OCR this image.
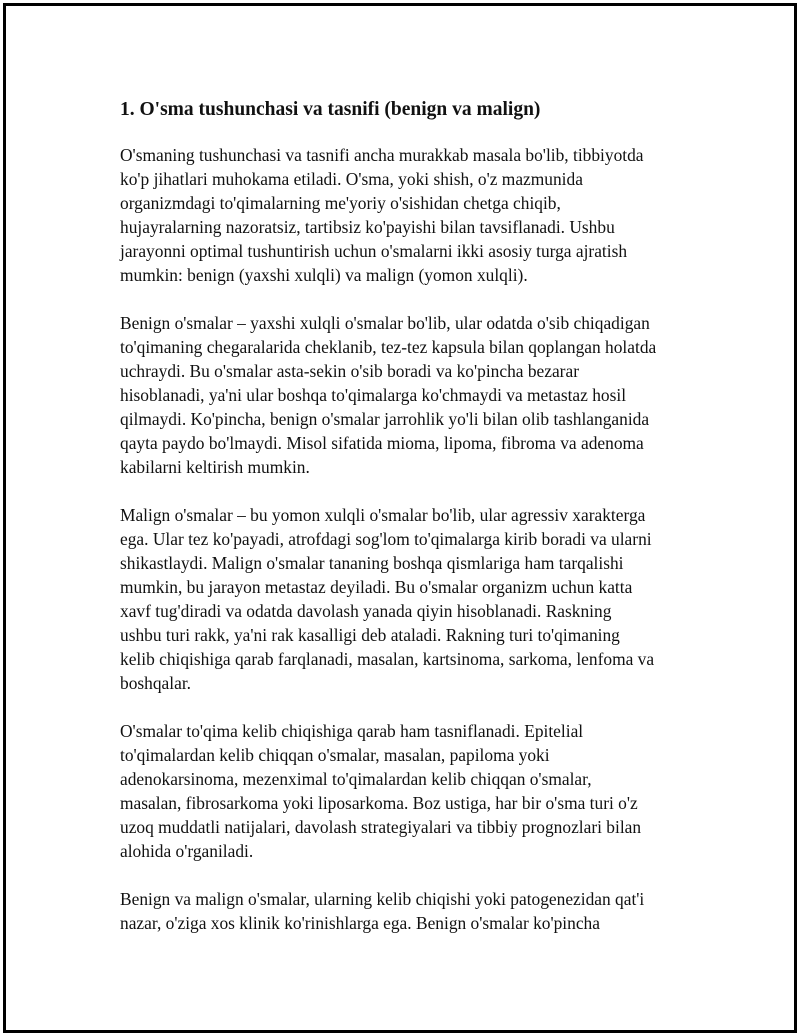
1. O'sma tushunchasi va tasnifi (benign va malign)

O'smaning tushunchasi va tasnifi ancha murakkab masala bo'lib, tibbiyotda
ko'p jihatlari muhokama etiladi. O'sma, yoki shish, o'z mazmunida
organizmdagi to'qimalarning me'yoriy o'sishidan chetga chiqib,
hujayralarning nazoratsiz, tartibsiz ko'payishi bilan tavsiflanadi. Ushbu
jarayonni optimal tushuntirish uchun o'smalarni ikki asosiy turga ajratish
mumkin: benign (yaxshi xulqli) va malign (yomon xulqli).

Benign o'smalar – yaxshi xulqli o'smalar bo'lib, ular odatda o'sib chiqadigan
to'qimaning chegaralarida cheklanib, tez-tez kapsula bilan qoplangan holatda
uchraydi. Bu o'smalar asta-sekin o'sib boradi va ko'pincha bezarar
hisoblanadi, ya'ni ular boshqa to'qimalarga ko'chmaydi va metastaz hosil
qilmaydi. Ko'pincha, benign o'smalar jarrohlik yo'li bilan olib tashlanganida
qayta paydo bo'lmaydi. Misol sifatida mioma, lipoma, fibroma va adenoma
kabilarni keltirish mumkin.

Malign o'smalar – bu yomon xulqli o'smalar bo'lib, ular agressiv xarakterga
ega. Ular tez ko'payadi, atrofdagi sog'lom to'qimalarga kirib boradi va ularni
shikastlaydi. Malign o'smalar tananing boshqa qismlariga ham tarqalishi
mumkin, bu jarayon metastaz deyiladi. Bu o'smalar organizm uchun katta
xavf tug'diradi va odatda davolash yanada qiyin hisoblanadi. Raskning
ushbu turi rakk, ya'ni rak kasalligi deb ataladi. Rakning turi to'qimaning
kelib chiqishiga qarab farqlanadi, masalan, kartsinoma, sarkoma, lenfoma va
boshqalar.

O'smalar to'qima kelib chiqishiga qarab ham tasniflanadi. Epitelial
to'qimalardan kelib chiqqan o'smalar, masalan, papiloma yoki
adenokarsinoma, mezenximal to'qimalardan kelib chiqqan o'smalar,
masalan, fibrosarkoma yoki liposarkoma. Boz ustiga, har bir o'sma turi o'z
uzoq muddatli natijalari, davolash strategiyalari va tibbiy prognozlari bilan
alohida o'rganiladi.

Benign va malign o'smalar, ularning kelib chiqishi yoki patogenezidan qat'i
nazar, o'ziga xos klinik ko'rinishlarga ega. Benign o'smalar ko'pincha
